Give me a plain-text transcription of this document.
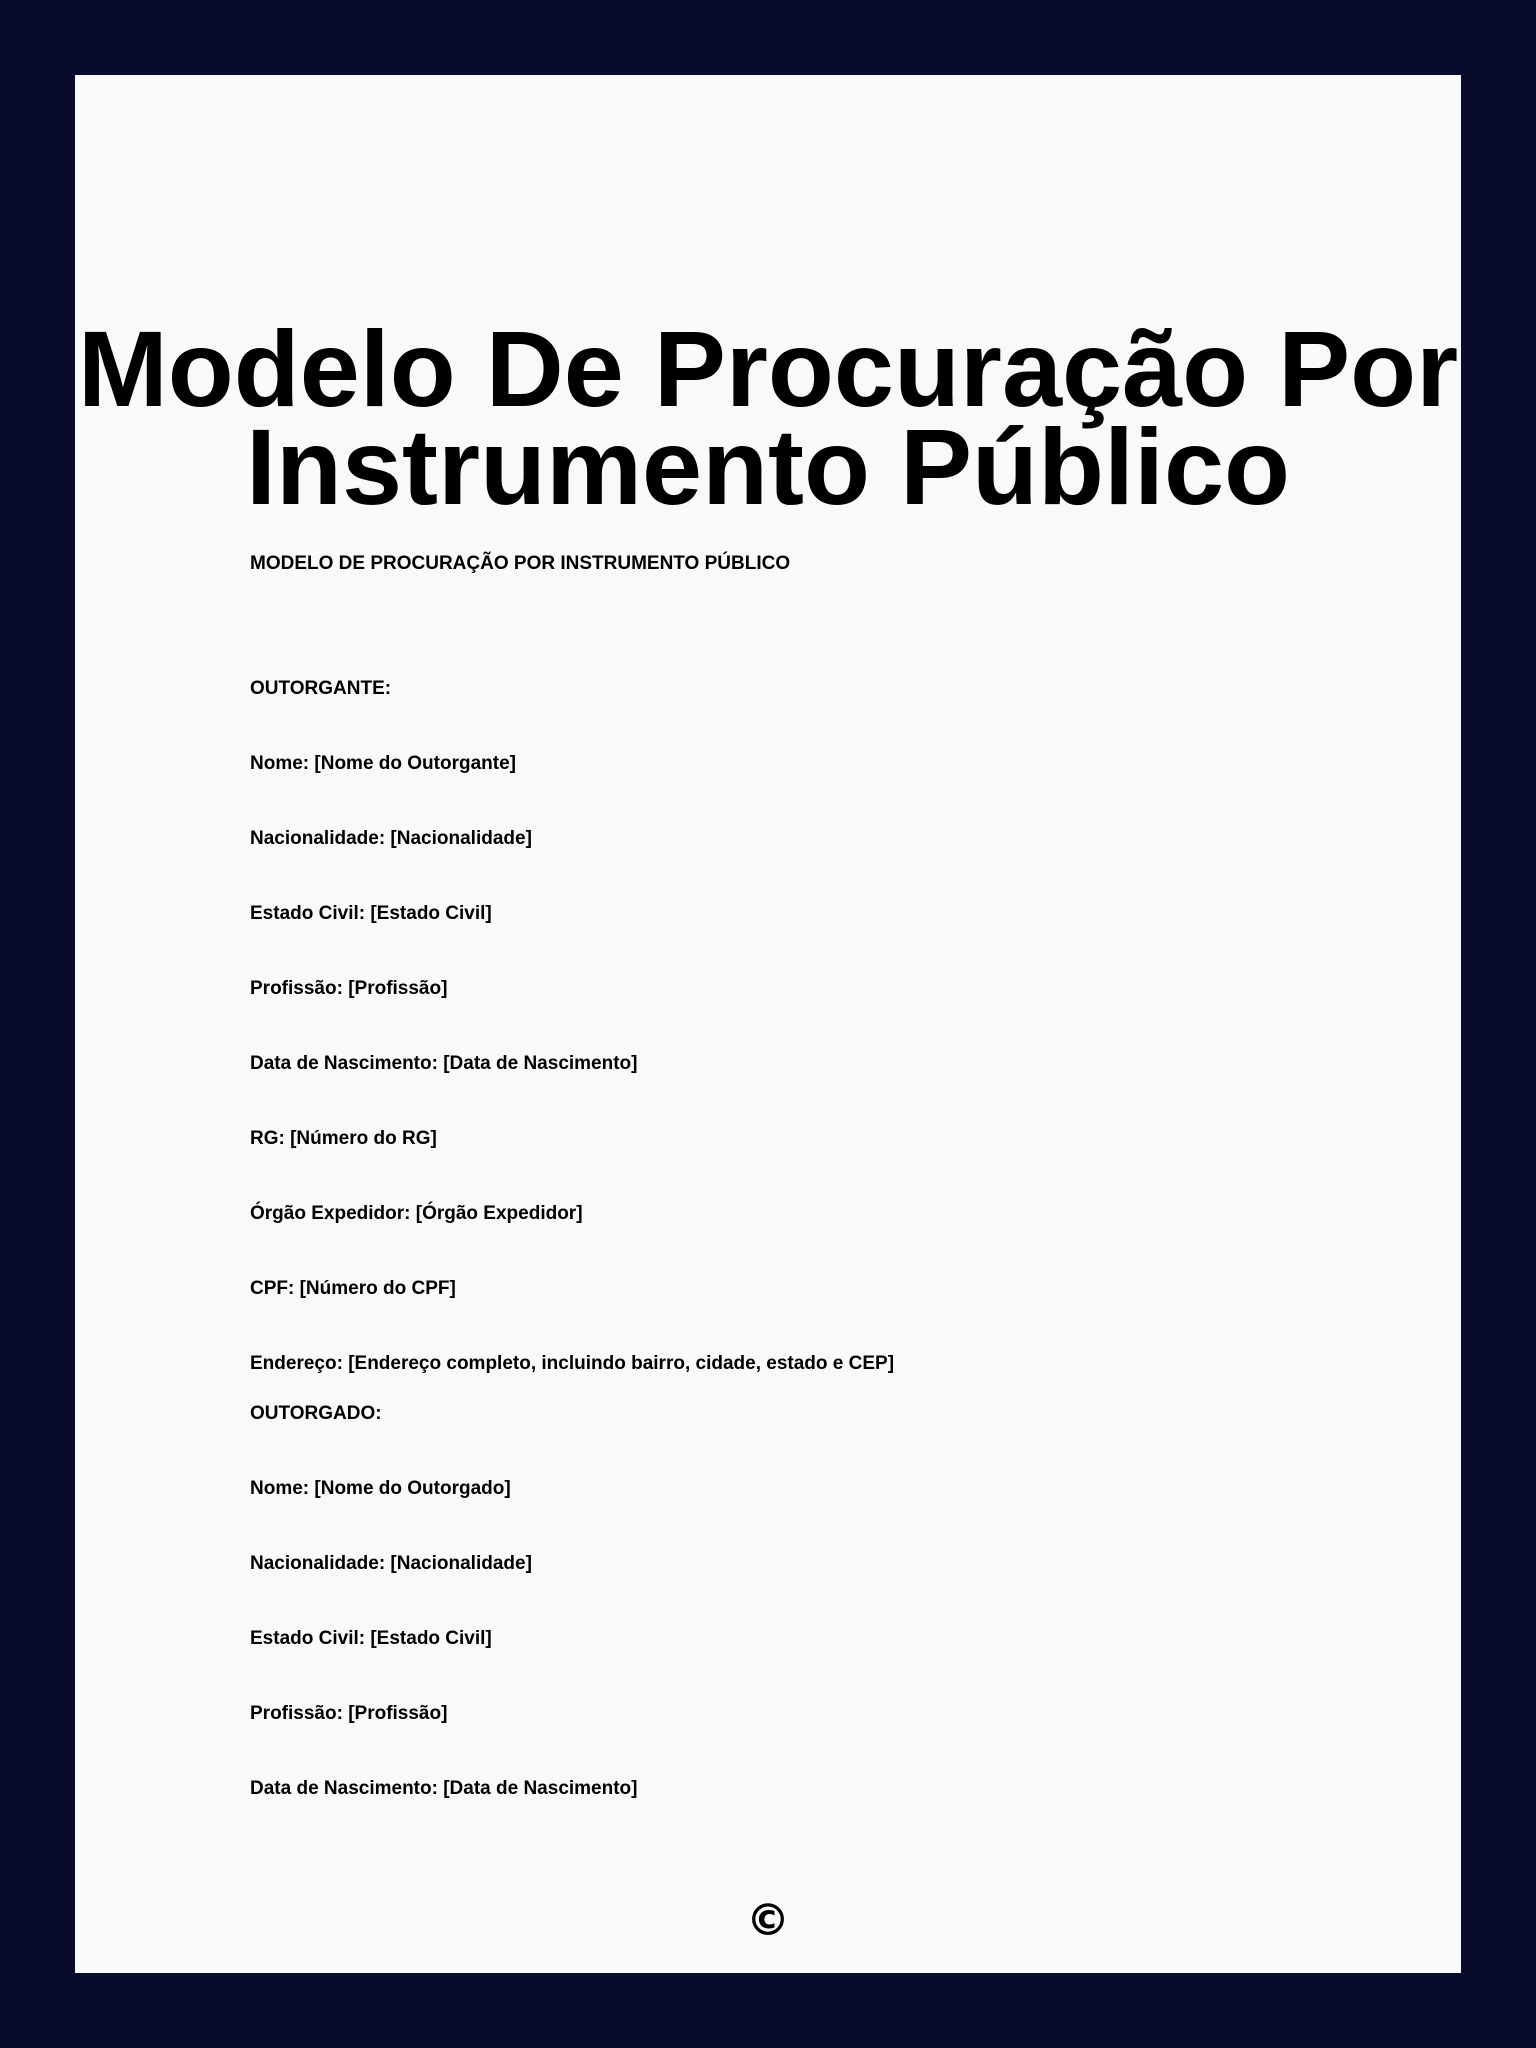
Modelo De Procuração Por
Instrumento Público

MODELO DE PROCURAÇÃO POR INSTRUMENTO PÚBLICO

OUTORGANTE:

Nome: [Nome do Outorgante]

Nacionalidade: [Nacionalidade]

Estado Civil: [Estado Civil]

Profissão: [Profissão]

Data de Nascimento: [Data de Nascimento]

RG: [Número do RG]

Órgão Expedidor: [Órgão Expedidor]

CPF: [Número do CPF]

Endereço: [Endereço completo, incluindo bairro, cidade, estado e CEP]

OUTORGADO:

Nome: [Nome do Outorgado]

Nacionalidade: [Nacionalidade]

Estado Civil: [Estado Civil]

Profissão: [Profissão]

Data de Nascimento: [Data de Nascimento]

©
